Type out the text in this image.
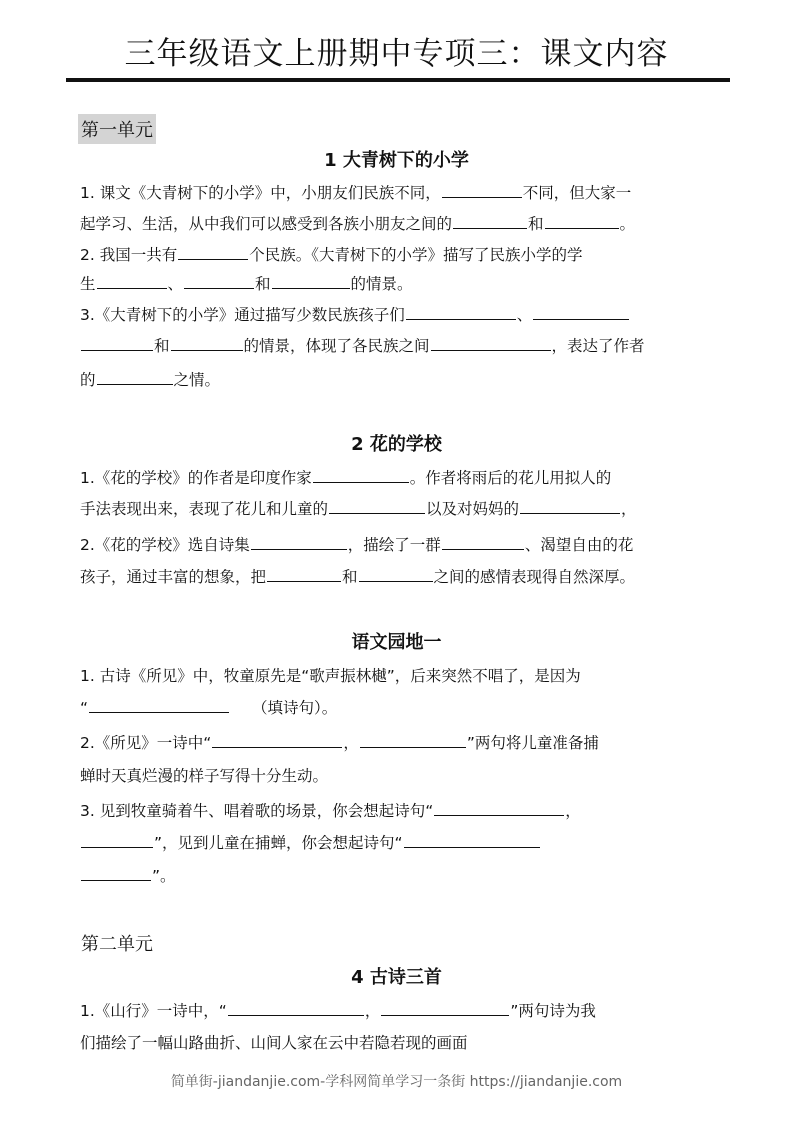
三年级语文上册期中专项三：课文内容
第一单元
1 大青树下的小学
1. 课文《大青树下的小学》中，小朋友们民族不同，	不同，但大家一
起学习、生活，从中我们可以感受到各族小朋友之间的	和	。
2. 我国一共有	个民族。《大青树下的小学》描写了民族小学的学
生	、	和	的情景。
3.《大青树下的小学》通过描写少数民族孩子们	、
和	的情景，体现了各民族之间	，表达了作者
的	之情。
2 花的学校
1.《花的学校》的作者是印度作家	。作者将雨后的花儿用拟人的
手法表现出来，表现了花儿和儿童的	以及对妈妈的	，
2.《花的学校》选自诗集	，描绘了一群	、渴望自由的花
孩子，通过丰富的想象，把	和	之间的感情表现得自然深厚。
语文园地一
1. 古诗《所见》中，牧童原先是“歌声振林樾”，后来突然不唱了，是因为
“	（填诗句）。
2.《所见》一诗中“	，	”两句将儿童准备捕
蝉时天真烂漫的样子写得十分生动。
3. 见到牧童骑着牛、唱着歌的场景，你会想起诗句“	，
”，见到儿童在捕蝉，你会想起诗句“
”。
第二单元
4 古诗三首
1.《山行》一诗中，“	，	”两句诗为我
们描绘了一幅山路曲折、山间人家在云中若隐若现的画面
简单街-jiandanjie.com-学科网简单学习一条街 https://jiandanjie.com
